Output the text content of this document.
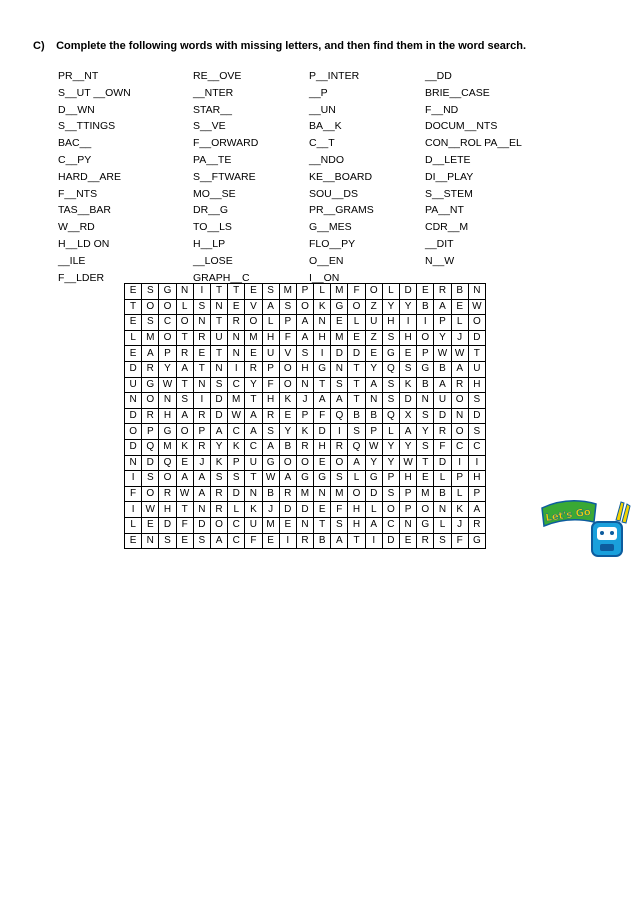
C) Complete the following words with missing letters, and then find them in the word search.
PR__NT
S__UT __OWN
D__WN
S__TTINGS
BAC__
C__PY
HARD__ARE
F__NTS
TAS__BAR
W__RD
H__LD ON
__ILE
F__LDER
RE__OVE
__NTER
STAR__
S__VE
F__ORWARD
PA__TE
S__FTWARE
MO__SE
DR__G
TO__LS
H__LP
__LOSE
GRAPH__C
P__INTER
__P
__UN
BA__K
C__T
__NDO
KE__BOARD
SOU__DS
PR__GRAMS
G__MES
FLO__PY
O__EN
I__ON
__DD
BRIE__CASE
F__ND
DOCUM__NTS
CON__ROL PA__EL
D__LETE
DI__PLAY
S__STEM
PA__NT
CDR__M
__DIT
N__W
E	S	G	N	I	T	T	E	S	M	P	L	M	F	O	L	D	E	R	B	N
T	O	O	L	S	N	E	V	A	S	O	K	G	O	Z	Y	Y	B	A	E	W
E	S	C	O	N	T	R	O	L	P	A	N	E	L	U	H	I	I	P	L	O
L	M	O	T	R	U	N	M	H	F	A	H	M	E	Z	S	H	O	Y	J	D
E	A	P	R	E	T	N	E	U	V	S	I	D	D	E	G	E	P	W	W	T
D	R	Y	A	T	N	I	R	P	O	H	G	N	T	Y	Q	S	G	B	A	U
U	G	W	T	N	S	C	Y	F	O	N	T	S	T	A	S	K	B	A	R	H
N	O	N	S	I	D	M	T	H	K	J	A	A	T	N	S	D	N	U	O	S
D	R	H	A	R	D	W	A	R	E	P	F	Q	B	B	Q	X	S	D	N	D
O	P	G	O	P	A	C	A	S	Y	K	D	I	S	P	L	A	Y	R	O	S
D	Q	M	K	R	Y	K	C	A	B	R	H	R	Q	W	Y	Y	S	F	C	C
N	D	Q	E	J	K	P	U	G	O	O	E	O	A	Y	Y	W	T	D	I	I
I	S	O	A	A	S	S	T	W	A	G	G	S	L	G	P	H	E	L	P	H
F	O	R	W	A	R	D	N	B	R	M	N	M	O	D	S	P	M	B	L	P
I	W	H	T	N	R	L	K	J	D	D	E	F	H	L	O	P	O	N	K	A
L	E	D	F	D	O	C	U	M	E	N	T	S	H	A	C	N	G	L	J	R
E	N	S	E	S	A	C	F	E	I	R	B	A	T	I	D	E	R	S	F	G
Let's Go
